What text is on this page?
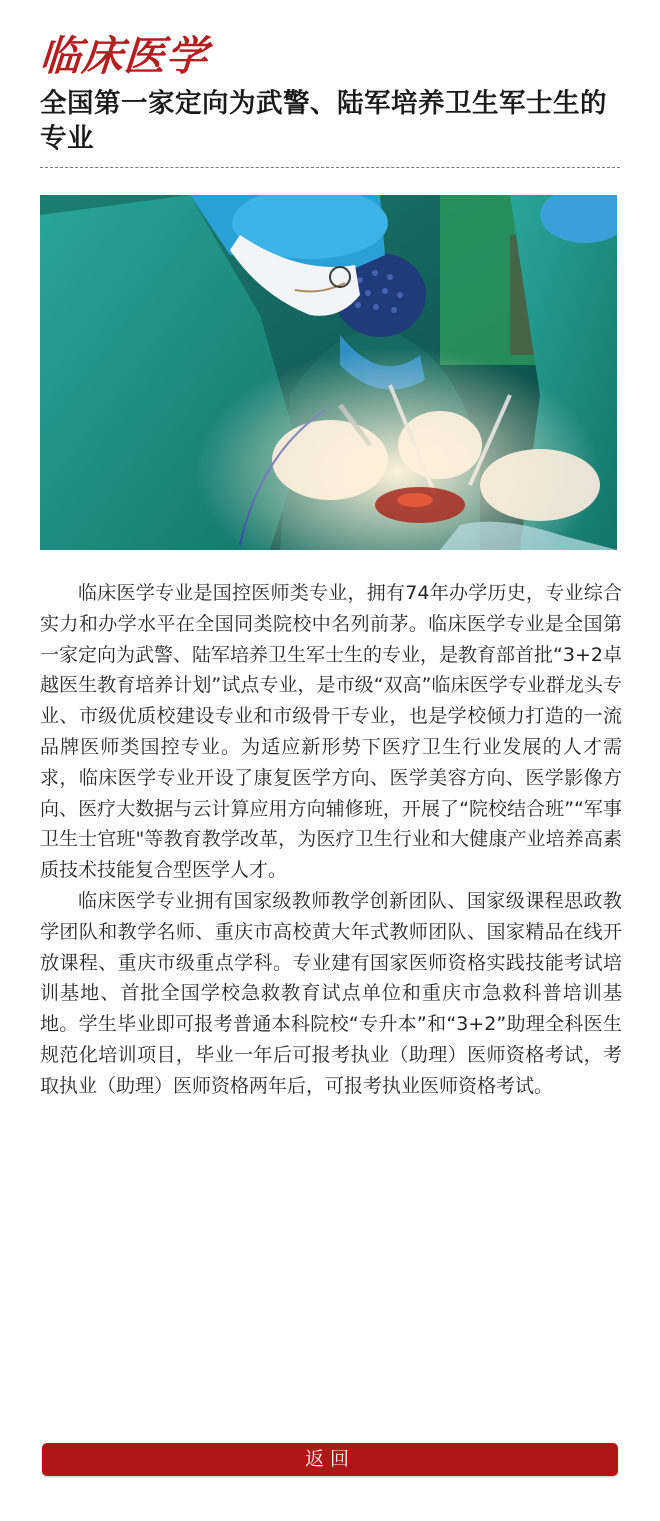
临床医学
全国第一家定向为武警、陆军培养卫生军士生的专业

临床医学专业是国控医师类专业，拥有74年办学历史，专业综合实力和办学水平在全国同类院校中名列前茅。临床医学专业是全国第一家定向为武警、陆军培养卫生军士生的专业，是教育部首批“3+2卓越医生教育培养计划”试点专业，是市级“双高”临床医学专业群龙头专业、市级优质校建设专业和市级骨干专业，也是学校倾力打造的一流品牌医师类国控专业。为适应新形势下医疗卫生行业发展的人才需求，临床医学专业开设了康复医学方向、医学美容方向、医学影像方向、医疗大数据与云计算应用方向辅修班，开展了“院校结合班”“军事卫生士官班"等教育教学改革，为医疗卫生行业和大健康产业培养高素质技术技能复合型医学人才。

临床医学专业拥有国家级教师教学创新团队、国家级课程思政教学团队和教学名师、重庆市高校黄大年式教师团队、国家精品在线开放课程、重庆市级重点学科。专业建有国家医师资格实践技能考试培训基地、首批全国学校急救教育试点单位和重庆市急救科普培训基地。学生毕业即可报考普通本科院校“专升本”和“3+2”助理全科医生规范化培训项目，毕业一年后可报考执业（助理）医师资格考试，考取执业（助理）医师资格两年后，可报考执业医师资格考试。

返回
